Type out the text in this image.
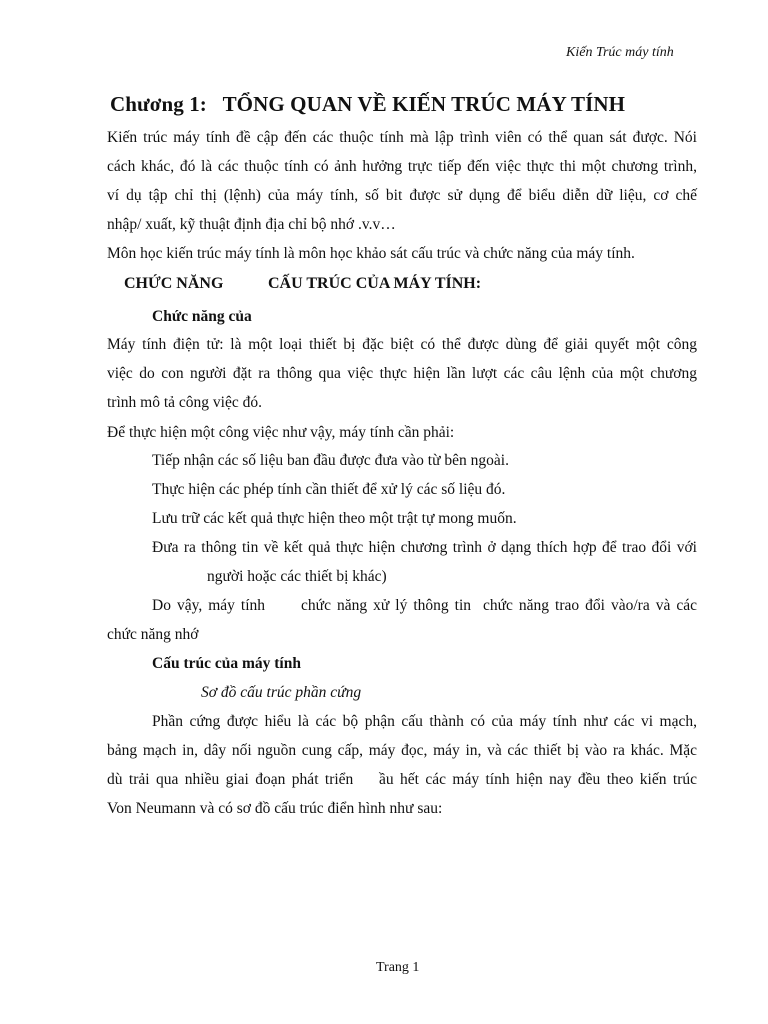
Kiến Trúc máy tính
Chương 1:   TỔNG QUAN VỀ KIẾN TRÚC MÁY TÍNH
Kiến trúc máy tính đề cập đến các thuộc tính mà lập trình viên có thể quan sát được. Nói
cách khác, đó là các thuộc tính có ảnh hưởng trực tiếp đến việc thực thi một chương trình,
ví dụ tập chỉ thị (lệnh) của máy tính, số bit được sử dụng để biểu diễn dữ liệu, cơ chế
nhập/ xuất, kỹ thuật định địa chỉ bộ nhớ .v.v…
Môn học kiến trúc máy tính là môn học khảo sát cấu trúc và chức năng của máy tính.
CHỨC NĂNG	CẤU TRÚC CỦA MÁY TÍNH:
Chức năng của
Máy tính điện tử: là một loại thiết bị đặc biệt có thể được dùng để giải quyết một công
việc do con người đặt ra thông qua việc thực hiện lần lượt các câu lệnh của một chương
trình mô tả công việc đó.
Để thực hiện một công việc như vậy, máy tính cần phải:
Tiếp nhận các số liệu ban đầu được đưa vào từ bên ngoài.
Thực hiện các phép tính cần thiết để xử lý các số liệu đó.
Lưu trữ các kết quả thực hiện theo một trật tự mong muốn.
Đưa ra thông tin về kết quả thực hiện chương trình ở dạng thích hợp để trao đổi với
người hoặc các thiết bị khác)
Do vậy, máy tính      chức năng xử lý thông tin  chức năng trao đổi vào/ra và các
chức năng nhớ
Cấu trúc của máy tính
Sơ đồ cấu trúc phần cứng
Phần cứng được hiểu là các bộ phận cấu thành có của máy tính như các vi mạch,
bảng mạch in, dây nối nguồn cung cấp, máy đọc, máy in, và các thiết bị vào ra khác. Mặc
dù trải qua nhiều giai đoạn phát triển    ầu hết các máy tính hiện nay đều theo kiến trúc
Von Neumann và có sơ đồ cấu trúc điển hình như sau:
Trang 1
